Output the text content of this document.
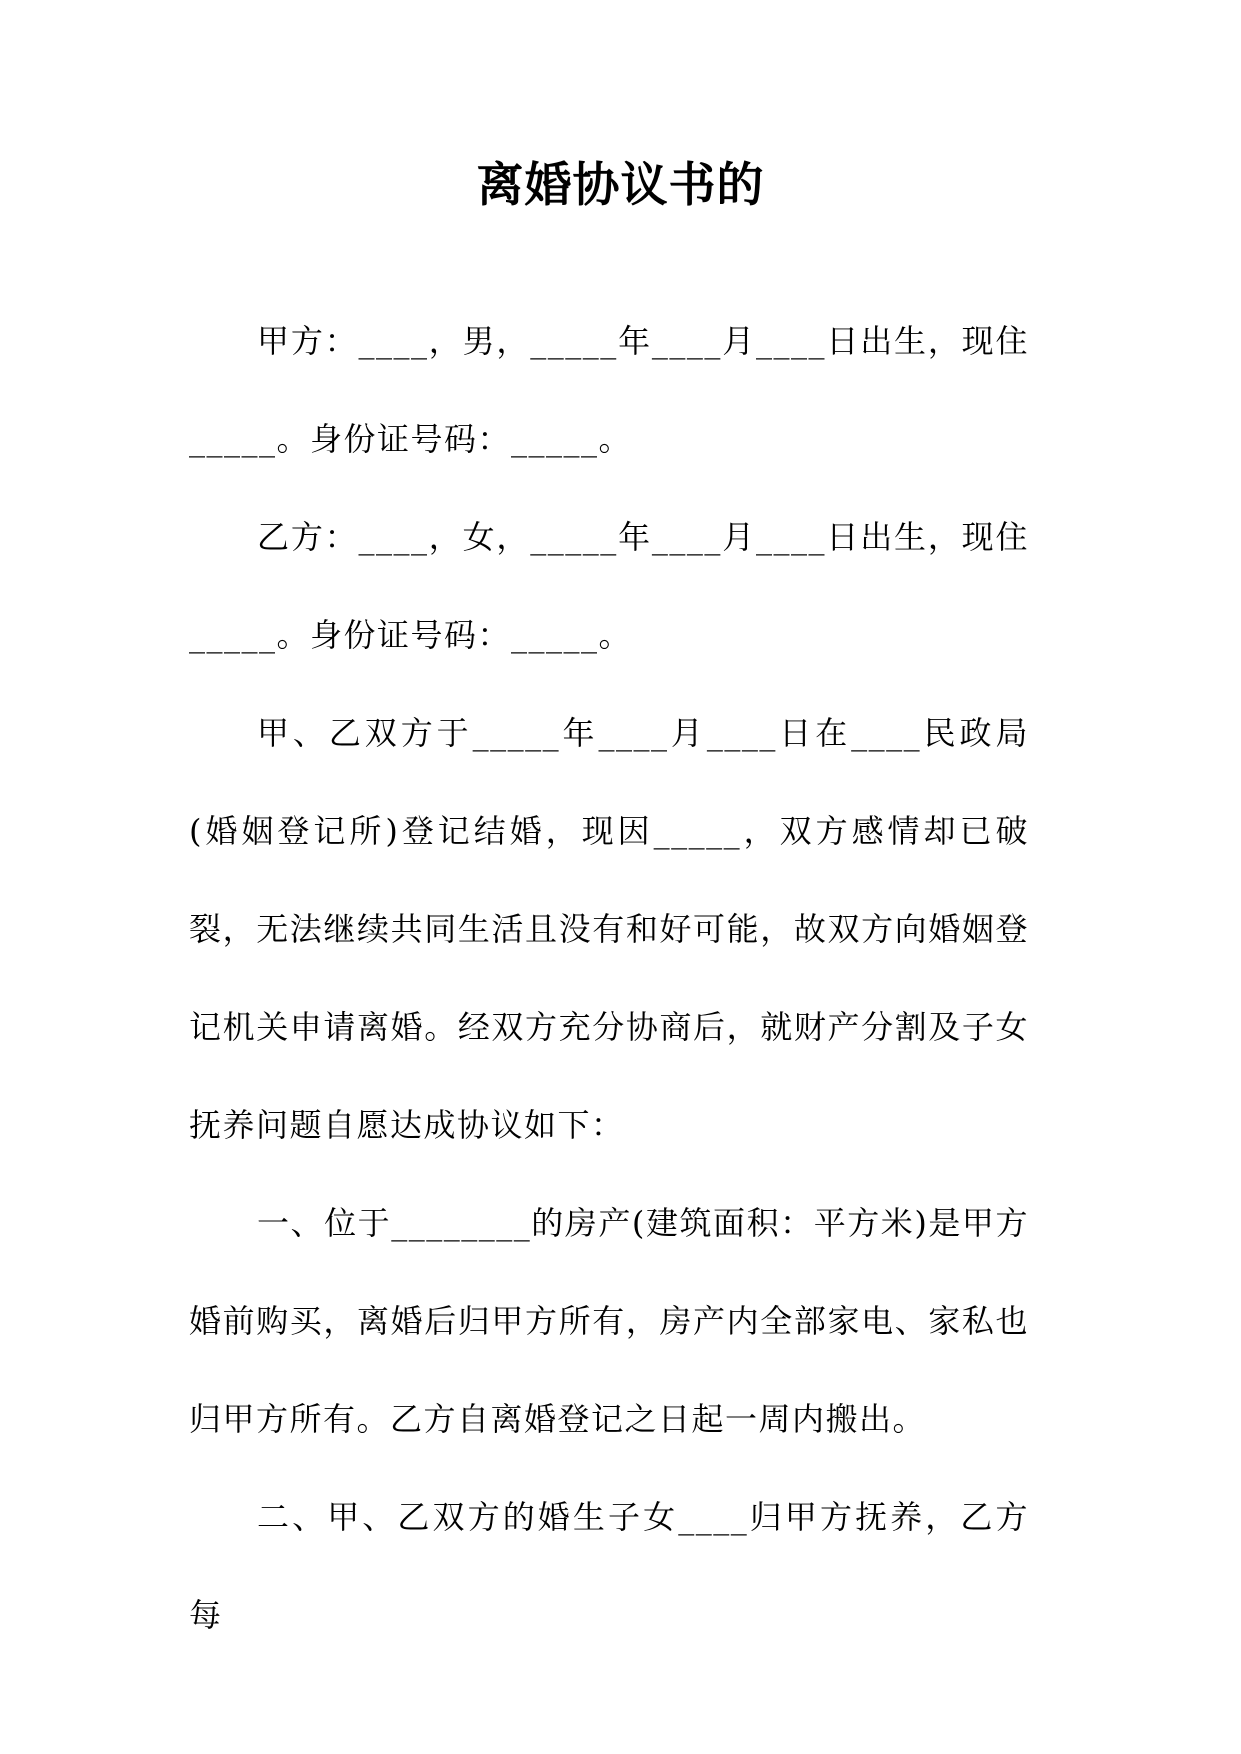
离婚协议书的

甲方：____，男，_____年____月____日出生，现住_____。身份证号码：_____。

乙方：____，女，_____年____月____日出生，现住_____。身份证号码：_____。

甲、乙双方于_____年____月____日在____民政局(婚姻登记所)登记结婚，现因_____，双方感情却已破裂，无法继续共同生活且没有和好可能，故双方向婚姻登记机关申请离婚。经双方充分协商后，就财产分割及子女抚养问题自愿达成协议如下：

一、位于________的房产(建筑面积：平方米)是甲方婚前购买，离婚后归甲方所有，房产内全部家电、家私也归甲方所有。乙方自离婚登记之日起一周内搬出。

二、甲、乙双方的婚生子女____归甲方抚养，乙方每
